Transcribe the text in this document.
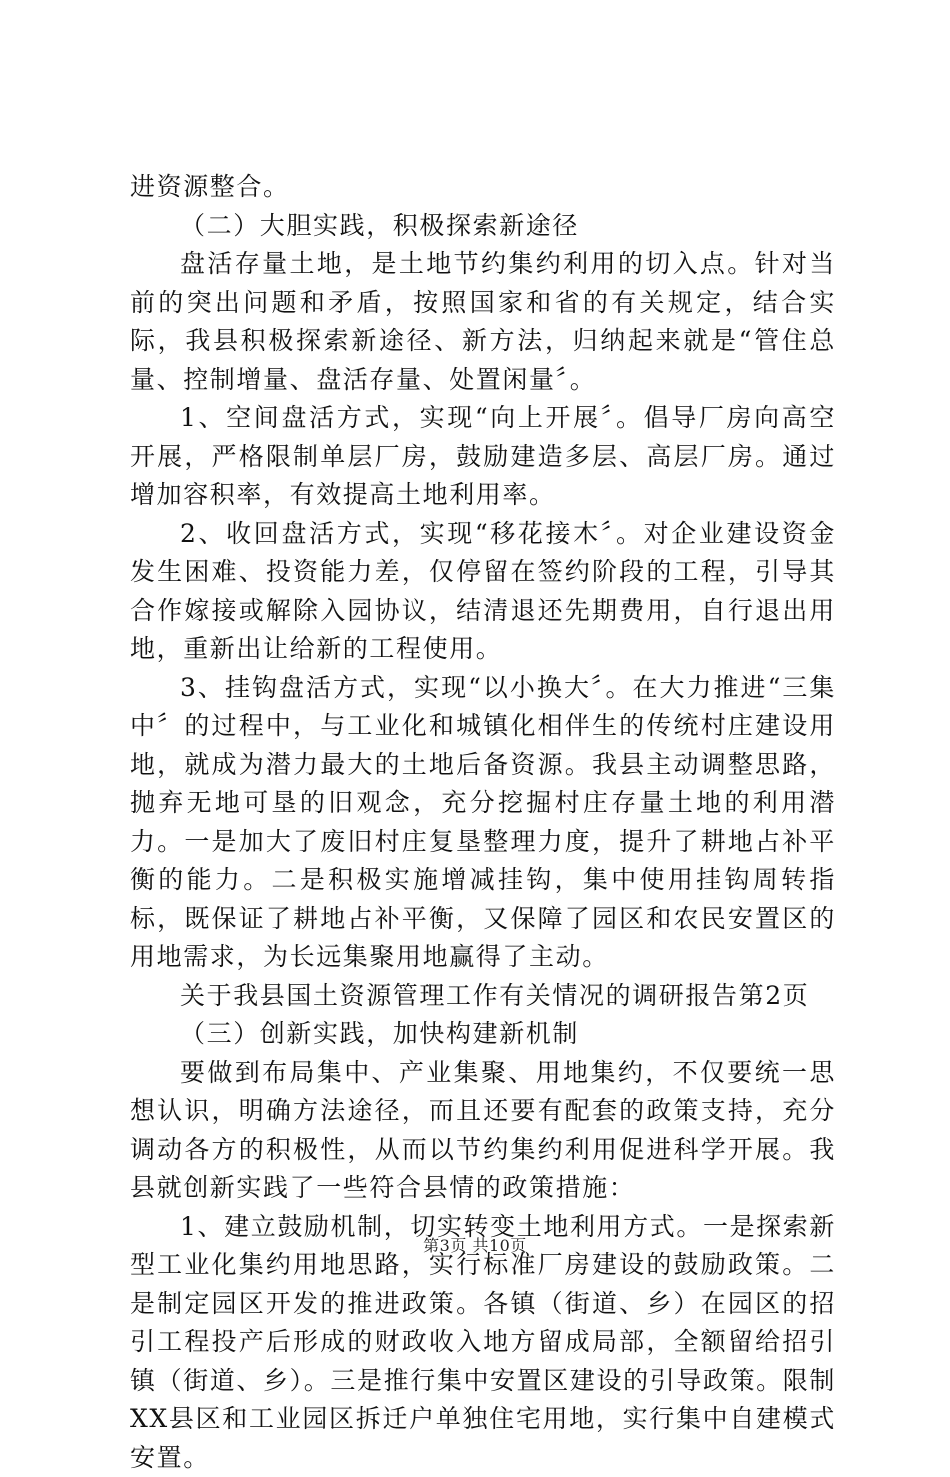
进资源整合。

（二）大胆实践，积极探索新途径

盘活存量土地，是土地节约集约利用的切入点。针对当前的突出问题和矛盾，按照国家和省的有关规定，结合实际，我县积极探索新途径、新方法，归纳起来就是“管住总量、控制增量、盘活存量、处置闲量〞。

1、空间盘活方式，实现“向上开展〞。倡导厂房向高空开展，严格限制单层厂房，鼓励建造多层、高层厂房。通过增加容积率，有效提高土地利用率。

2、收回盘活方式，实现“移花接木〞。对企业建设资金发生困难、投资能力差，仅停留在签约阶段的工程，引导其合作嫁接或解除入园协议，结清退还先期费用，自行退出用地，重新出让给新的工程使用。

3、挂钩盘活方式，实现“以小换大〞。在大力推进“三集中〞的过程中，与工业化和城镇化相伴生的传统村庄建设用地，就成为潜力最大的土地后备资源。我县主动调整思路，抛弃无地可垦的旧观念，充分挖掘村庄存量土地的利用潜力。一是加大了废旧村庄复垦整理力度，提升了耕地占补平衡的能力。二是积极实施增减挂钩，集中使用挂钩周转指标，既保证了耕地占补平衡，又保障了园区和农民安置区的用地需求，为长远集聚用地赢得了主动。

关于我县国土资源管理工作有关情况的调研报告第2页

（三）创新实践，加快构建新机制

要做到布局集中、产业集聚、用地集约，不仅要统一思想认识，明确方法途径，而且还要有配套的政策支持，充分调动各方的积极性，从而以节约集约利用促进科学开展。我县就创新实践了一些符合县情的政策措施：

1、建立鼓励机制，切实转变土地利用方式。一是探索新型工业化集约用地思路，实行标准厂房建设的鼓励政策。二是制定园区开发的推进政策。各镇（街道、乡）在园区的招引工程投产后形成的财政收入地方留成局部，全额留给招引镇（街道、乡）。三是推行集中安置区建设的引导政策。限制XX县区和工业园区拆迁户单独住宅用地，实行集中自建模式安置。

第3页 共10页
